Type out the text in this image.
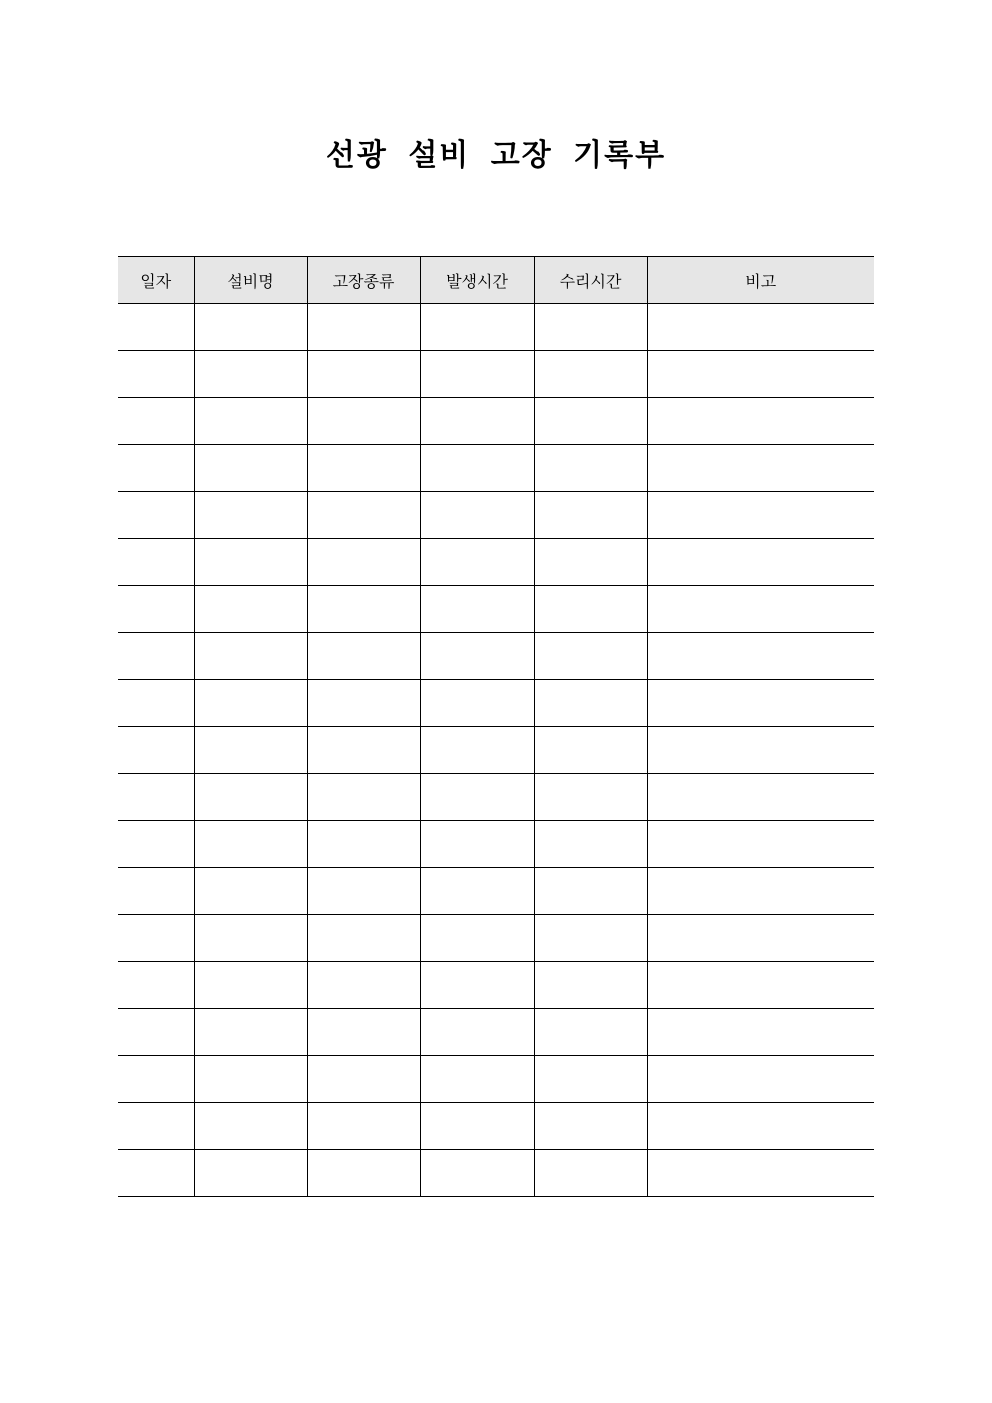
선광 설비 고장 기록부
일자	설비명	고장종류	발생시간	수리시간	비고
